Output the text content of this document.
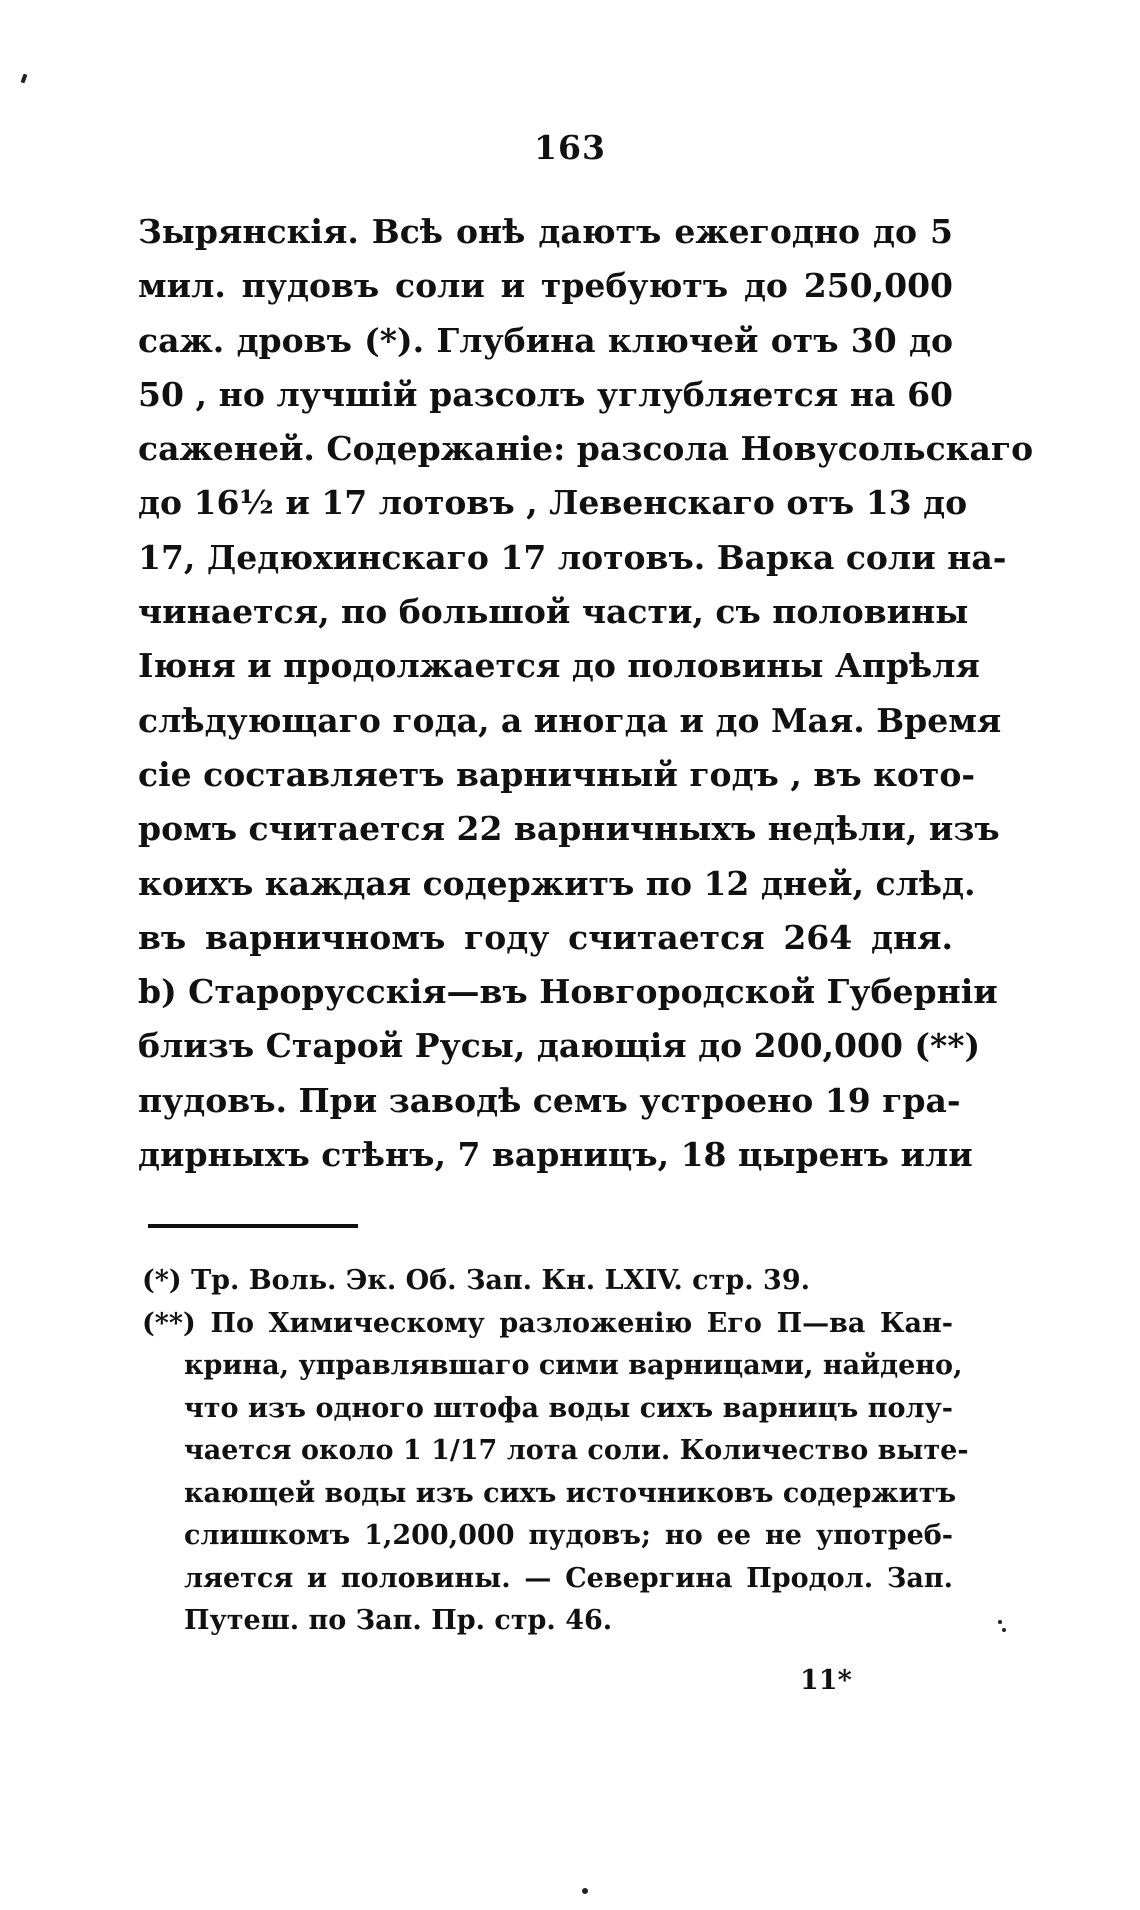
163
Зырянскія. Всѣ онѣ даютъ ежегодно до 5
мил. пудовъ соли и требуютъ до 250,000
саж. дровъ (*). Глубина ключей отъ 30 до
50 , но лучшій разсолъ углубляется на 60
саженей. Содержаніе: разсола Новусольскаго
до 16½ и 17 лотовъ , Левенскаго отъ 13 до
17, Дедюхинскаго 17 лотовъ. Варка соли на-
чинается, по большой части, съ половины
Іюня и продолжается до половины Апрѣля
слѣдующаго года, а иногда и до Мая. Время
сіе составляетъ варничный годъ , въ кото-
ромъ считается 22 варничныхъ недѣли, изъ
коихъ каждая содержитъ по 12 дней, слѣд.
въ варничномъ году считается 264 дня.
b) Старорусскія—въ Новгородской Губерніи
близъ Старой Русы, дающія до 200,000 (**)
пудовъ. При заводѣ семъ устроено 19 гра-
дирныхъ стѣнъ, 7 варницъ, 18 цыренъ или
(*) Тр. Воль. Эк. Об. Зап. Кн. LXIV. стр. 39.
(**) По Химическому разложенію Его П—ва Кан-
крина, управлявшаго сими варницами, найдено,
что изъ одного штофа воды сихъ варницъ полу-
чается около 1 1/17 лота соли. Количество выте-
кающей воды изъ сихъ источниковъ содержитъ
слишкомъ 1,200,000 пудовъ; но ее не употреб-
ляется и половины. — Севергина Продол. Зап.
Путеш. по Зап. Пр. стр. 46.
11*
